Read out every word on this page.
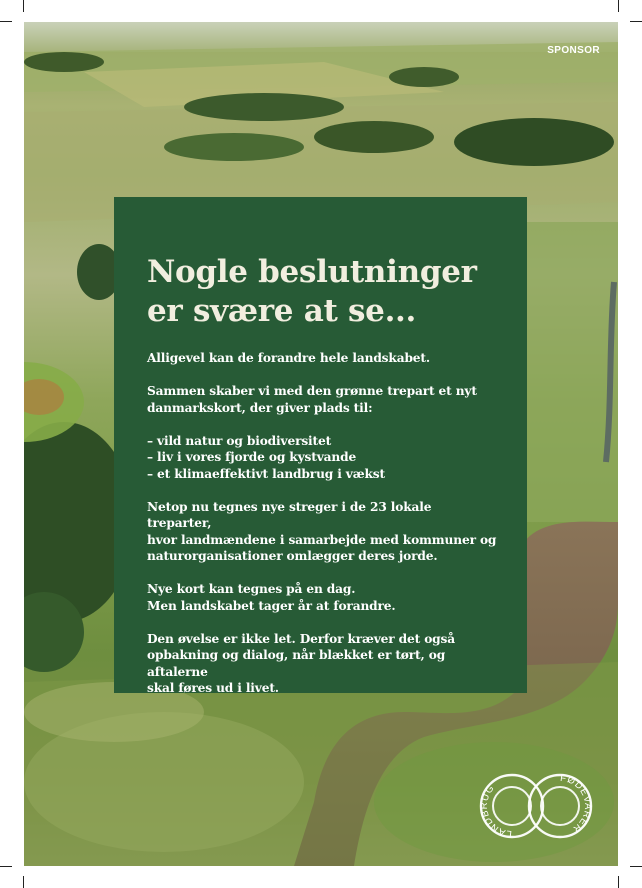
SPONSOR

Nogle beslutninger
er svære at se...

Alligevel kan de forandre hele landskabet.

Sammen skaber vi med den grønne trepart et nyt
danmarkskort, der giver plads til:

– vild natur og biodiversitet
– liv i vores fjorde og kystvande
– et klimaeffektivt landbrug i vækst

Netop nu tegnes nye streger i de 23 lokale treparter,
hvor landmændene i samarbejde med kommuner og
naturorganisationer omlægger deres jorde.

Nye kort kan tegnes på en dag.
Men landskabet tager år at forandre.

Den øvelse er ikke let. Derfor kræver det også
opbakning og dialog, når blækket er tørt, og aftalerne
skal føres ud i livet.

LANDBRUG
FØDEVARER
